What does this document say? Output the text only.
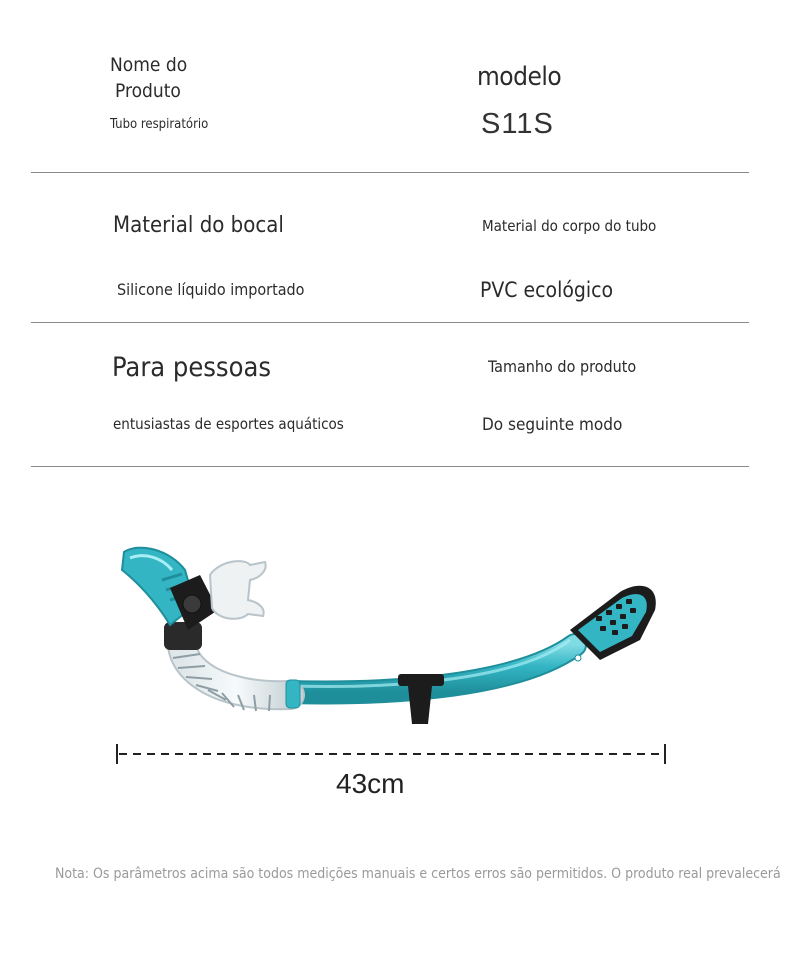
Nome do
Produto
Tubo respiratório
modelo
S11S
Material do bocal
Silicone líquido importado
Material do corpo do tubo
PVC ecológico
Para pessoas
entusiastas de esportes aquáticos
Tamanho do produto
Do seguinte modo
43cm
Nota: Os parâmetros acima são todos medições manuais e certos erros são permitidos. O produto real prevalecerá
